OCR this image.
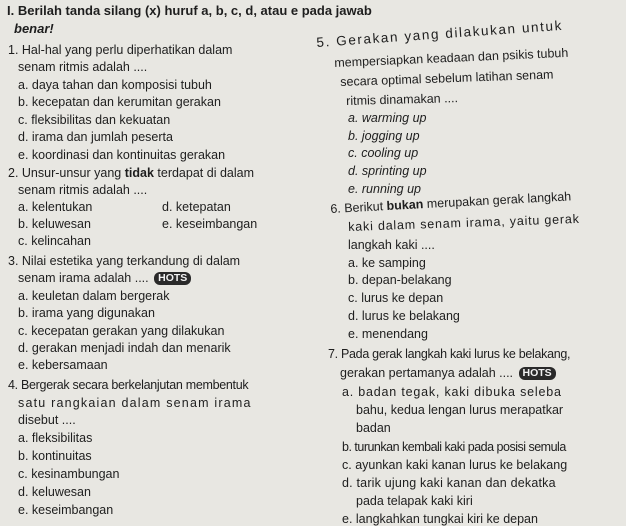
I. Berilah tanda silang (x) huruf a, b, c, d, atau e pada jawab
benar!
1. Hal-hal yang perlu diperhatikan dalam
senam ritmis adalah ....
a. daya tahan dan komposisi tubuh
b. kecepatan dan kerumitan gerakan
c. fleksibilitas dan kekuatan
d. irama dan jumlah peserta
e. koordinasi dan kontinuitas gerakan
2. Unsur-unsur yang tidak terdapat di dalam
senam ritmis adalah ....
a. kelentukan
b. keluwesan
c. kelincahan
d. ketepatan
e. keseimbangan
3. Nilai estetika yang terkandung di dalam
senam irama adalah .... HOTS
a. keuletan dalam bergerak
b. irama yang digunakan
c. kecepatan gerakan yang dilakukan
d. gerakan menjadi indah dan menarik
e. kebersamaan
4. Bergerak secara berkelanjutan membentuk
satu rangkaian dalam senam irama
disebut ....
a. fleksibilitas
b. kontinuitas
c. kesinambungan
d. keluwesan
e. keseimbangan
5. Gerakan yang dilakukan untuk
mempersiapkan keadaan dan psikis tubuh
secara optimal sebelum latihan senam
ritmis dinamakan ....
a. warming up
b. jogging up
c. cooling up
d. sprinting up
e. running up
6. Berikut bukan merupakan gerak langkah
kaki dalam senam irama, yaitu gerak
langkah kaki ....
a. ke samping
b. depan-belakang
c. lurus ke depan
d. lurus ke belakang
e. menendang
7. Pada gerak langkah kaki lurus ke belakang,
gerakan pertamanya adalah .... HOTS
a. badan tegak, kaki dibuka seleba
bahu, kedua lengan lurus merapatkar
badan
b. turunkan kembali kaki pada posisi semula
c. ayunkan kaki kanan lurus ke belakang
d. tarik ujung kaki kanan dan dekatka
pada telapak kaki kiri
e. langkahkan tungkai kiri ke depan
